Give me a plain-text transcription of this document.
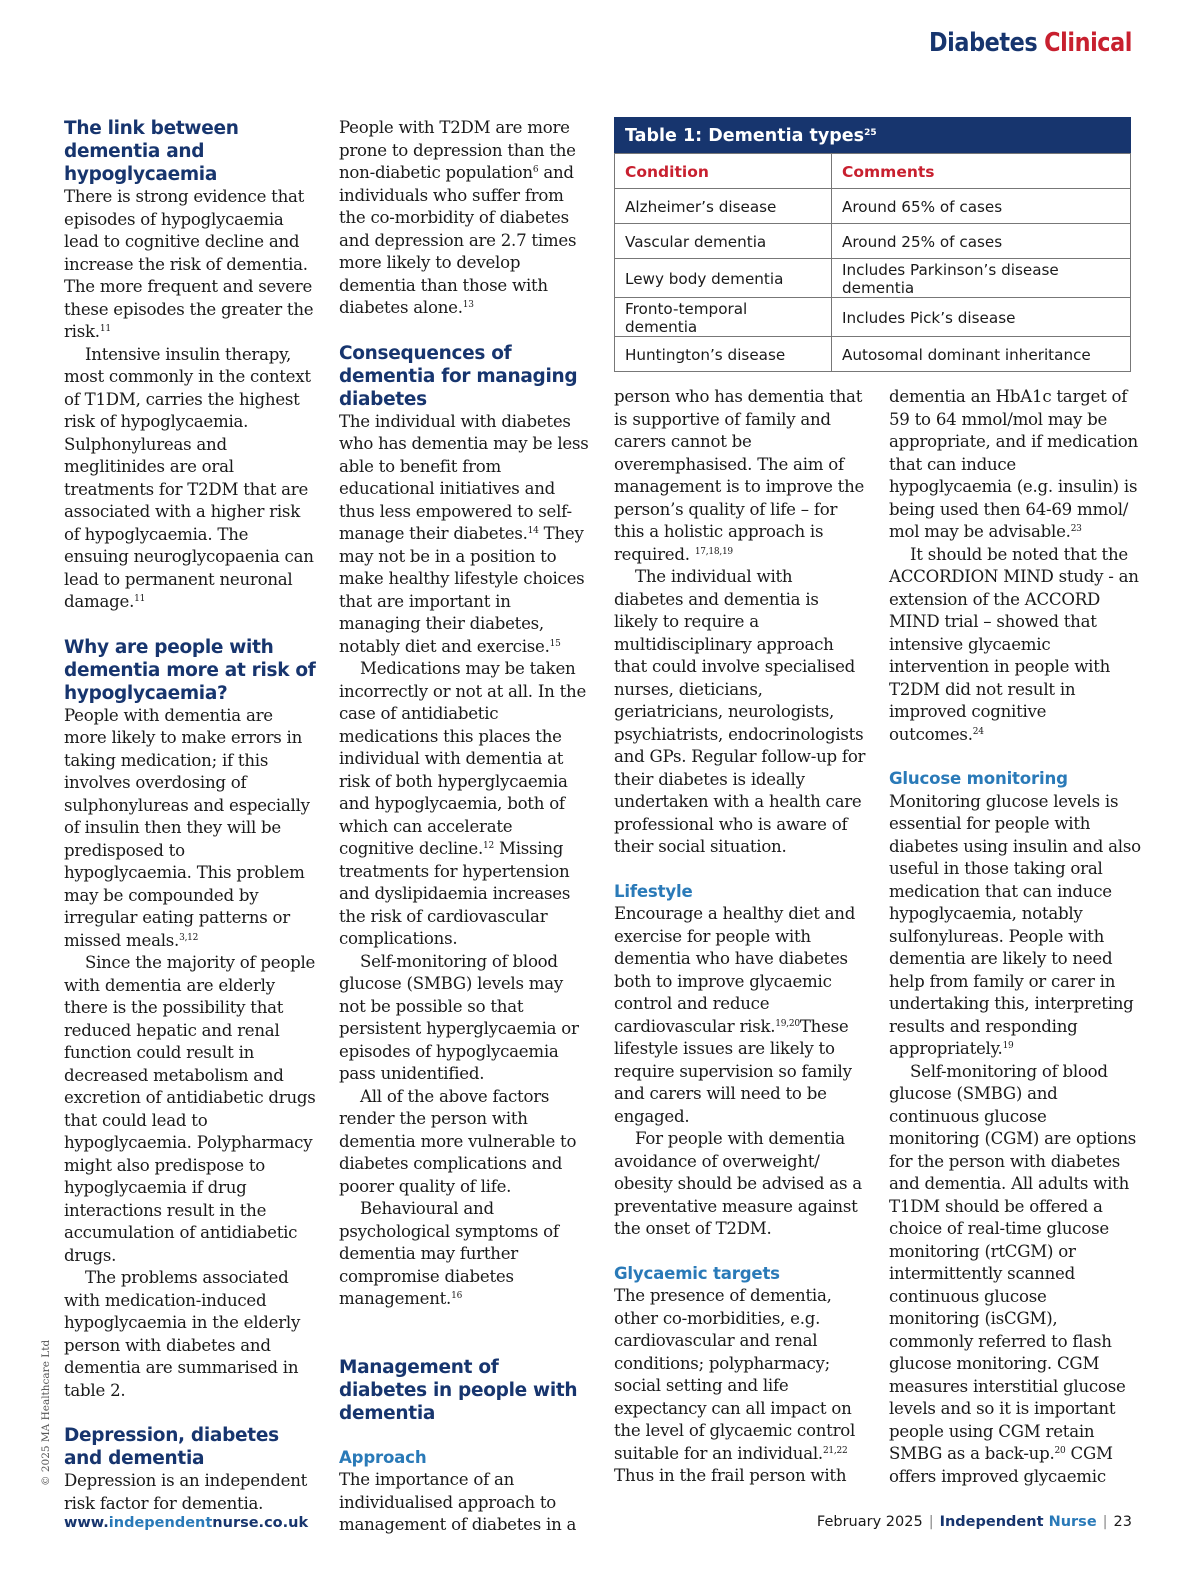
Diabetes Clinical
The link between dementia and hypoglycaemia

There is strong evidence that episodes of hypoglycaemia lead to cognitive decline and increase the risk of dementia. The more frequent and severe these episodes the greater the risk.$^{11}$

Intensive insulin therapy, most commonly in the context of T1DM, carries the highest risk of hypoglycaemia. Sulphonylureas and meglitinides are oral treatments for T2DM that are associated with a higher risk of hypoglycaemia. The ensuing neuroglycopaenia can lead to permanent neuronal damage.$^{11}$

Why are people with dementia more at risk of hypoglycaemia?

People with dementia are more likely to make errors in taking medication; if this involves overdosing of sulphonylureas and especially of insulin then they will be predisposed to hypoglycaemia. This problem may be compounded by irregular eating patterns or missed meals.$^{3,12}$

Since the majority of people with dementia are elderly there is the possibility that reduced hepatic and renal function could result in decreased metabolism and excretion of antidiabetic drugs that could lead to hypoglycaemia. Polypharmacy might also predispose to hypoglycaemia if drug interactions result in the accumulation of antidiabetic drugs.

The problems associated with medication-induced hypoglycaemia in the elderly person with diabetes and dementia are summarised in table 2.

Depression, diabetes and dementia

Depression is an independent risk factor for dementia.

People with T2DM are more prone to depression than the non-diabetic population$^6$ and individuals who suffer from the co-morbidity of diabetes and depression are 2.7 times more likely to develop dementia than those with diabetes alone.$^{13}$

Consequences of dementia for managing diabetes

The individual with diabetes who has dementia may be less able to benefit from educational initiatives and thus less empowered to self-manage their diabetes.$^{14}$ They may not be in a position to make healthy lifestyle choices that are important in managing their diabetes, notably diet and exercise.$^{15}$

Medications may be taken incorrectly or not at all. In the case of antidiabetic medications this places the individual with dementia at risk of both hyperglycaemia and hypoglycaemia, both of which can accelerate cognitive decline.$^{12}$ Missing treatments for hypertension and dyslipidaemia increases the risk of cardiovascular complications.

Self-monitoring of blood glucose (SMBG) levels may not be possible so that persistent hyperglycaemia or episodes of hypoglycaemia pass unidentified.

All of the above factors render the person with dementia more vulnerable to diabetes complications and poorer quality of life.

Behavioural and psychological symptoms of dementia may further compromise diabetes management.$^{16}$

Management of diabetes in people with dementia
Approach

The importance of an individualised approach to management of diabetes in a

Table 1: Dementia types$^{25}$
Condition	Comments
Alzheimer’s disease	Around 65% of cases
Vascular dementia	Around 25% of cases
Lewy body dementia	Includes Parkinson’s disease dementia
Fronto-temporal dementia	Includes Pick’s disease
Huntington’s disease	Autosomal dominant inheritance

person who has dementia that is supportive of family and carers cannot be overemphasised. The aim of management is to improve the person’s quality of life – for this a holistic approach is required. $^{17,18,19}$

The individual with diabetes and dementia is likely to require a multidisciplinary approach that could involve specialised nurses, dieticians, geriatricians, neurologists, psychiatrists, endocrinologists and GPs. Regular follow-up for their diabetes is ideally undertaken with a health care professional who is aware of their social situation.

Lifestyle

Encourage a healthy diet and exercise for people with dementia who have diabetes both to improve glycaemic control and reduce cardiovascular risk.$^{19,20}$These lifestyle issues are likely to require supervision so family and carers will need to be engaged.

For people with dementia avoidance of overweight/ obesity should be advised as a preventative measure against the onset of T2DM.

Glycaemic targets

The presence of dementia, other co-morbidities, e.g. cardiovascular and renal conditions; polypharmacy; social setting and life expectancy can all impact on the level of glycaemic control suitable for an individual.$^{21,22}$ Thus in the frail person with

dementia an HbA1c target of 59 to 64 mmol/mol may be appropriate, and if medication that can induce hypoglycaemia (e.g. insulin) is being used then 64-69 mmol/ mol may be advisable.$^{23}$

It should be noted that the ACCORDION MIND study - an extension of the ACCORD MIND trial – showed that intensive glycaemic intervention in people with T2DM did not result in improved cognitive outcomes.$^{24}$

Glucose monitoring

Monitoring glucose levels is essential for people with diabetes using insulin and also useful in those taking oral medication that can induce hypoglycaemia, notably sulfonylureas. People with dementia are likely to need help from family or carer in undertaking this, interpreting results and responding appropriately.$^{19}$

Self-monitoring of blood glucose (SMBG) and continuous glucose monitoring (CGM) are options for the person with diabetes and dementia. All adults with T1DM should be offered a choice of real-time glucose monitoring (rtCGM) or intermittently scanned continuous glucose monitoring (isCGM), commonly referred to flash glucose monitoring. CGM measures interstitial glucose levels and so it is important people using CGM retain SMBG as a back-up.$^{20}$ CGM offers improved glycaemic

© 2025 MA Healthcare Ltd
www.independentnurse.co.uk	February 2025 | Independent Nurse | 23
